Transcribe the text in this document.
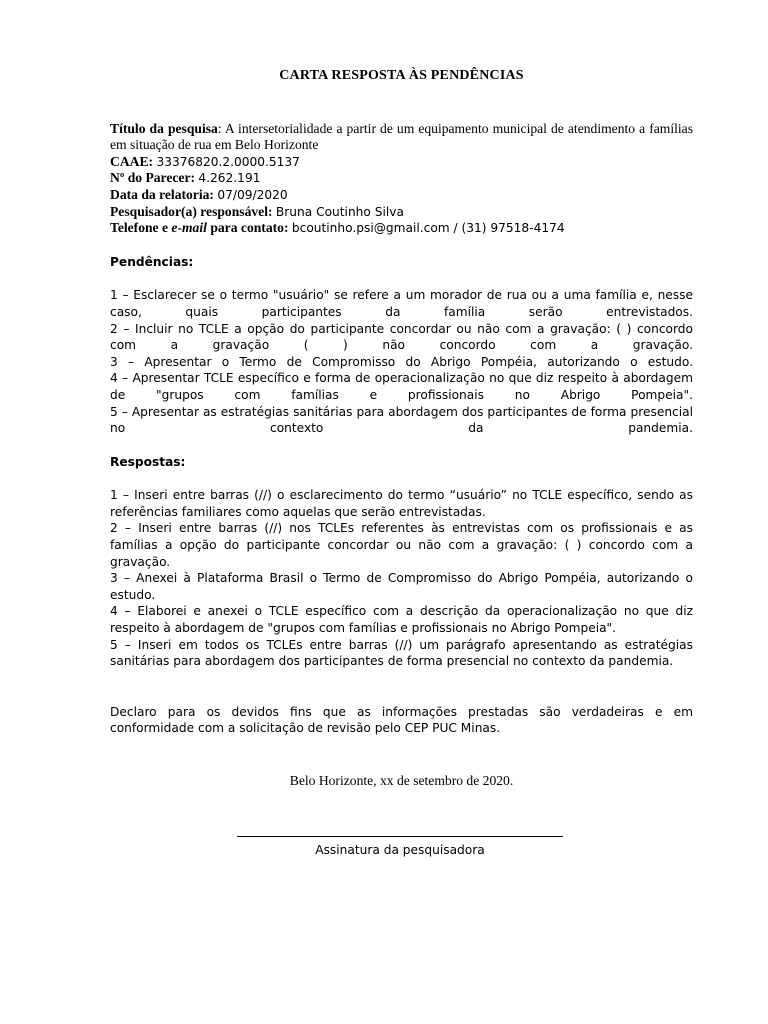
CARTA RESPOSTA ÀS PENDÊNCIAS

Título da pesquisa: A intersetorialidade a partir de um equipamento municipal de atendimento a famílias em situação de rua em Belo Horizonte

CAAE: 33376820.2.0000.5137

Nº do Parecer: 4.262.191

Data da relatoria: 07/09/2020

Pesquisador(a) responsável: Bruna Coutinho Silva

Telefone e e-mail para contato: bcoutinho.psi@gmail.com / (31) 97518-4174

Pendências:

1 – Esclarecer se o termo "usuário" se refere a um morador de rua ou a uma família e, nesse caso, quais participantes da família serão entrevistados.

2 – Incluir no TCLE a opção do participante concordar ou não com a gravação: ( ) concordo com a gravação ( ) não concordo com a gravação.

3 – Apresentar o Termo de Compromisso do Abrigo Pompéia, autorizando o estudo.

4 – Apresentar TCLE específico e forma de operacionalização no que diz respeito à abordagem de "grupos com famílias e profissionais no Abrigo Pompeia".

5 – Apresentar as estratégias sanitárias para abordagem dos participantes de forma presencial no contexto da pandemia.

Respostas:

1 – Inseri entre barras (//) o esclarecimento do termo “usuário” no TCLE específico, sendo as referências familiares como aquelas que serão entrevistadas.

2 – Inseri entre barras (//) nos TCLEs referentes às entrevistas com os profissionais e as famílias a opção do participante concordar ou não com a gravação: ( ) concordo com a gravação.

3 – Anexei à Plataforma Brasil o Termo de Compromisso do Abrigo Pompéia, autorizando o estudo.

4 – Elaborei e anexei o TCLE específico com a descrição da operacionalização no que diz respeito à abordagem de "grupos com famílias e profissionais no Abrigo Pompeia".

5 – Inseri em todos os TCLEs entre barras (//) um parágrafo apresentando as estratégias sanitárias para abordagem dos participantes de forma presencial no contexto da pandemia.

Declaro para os devidos fins que as informações prestadas são verdadeiras e em conformidade com a solicitação de revisão pelo CEP PUC Minas.

Belo Horizonte, xx de setembro de 2020.

Assinatura da pesquisadora
